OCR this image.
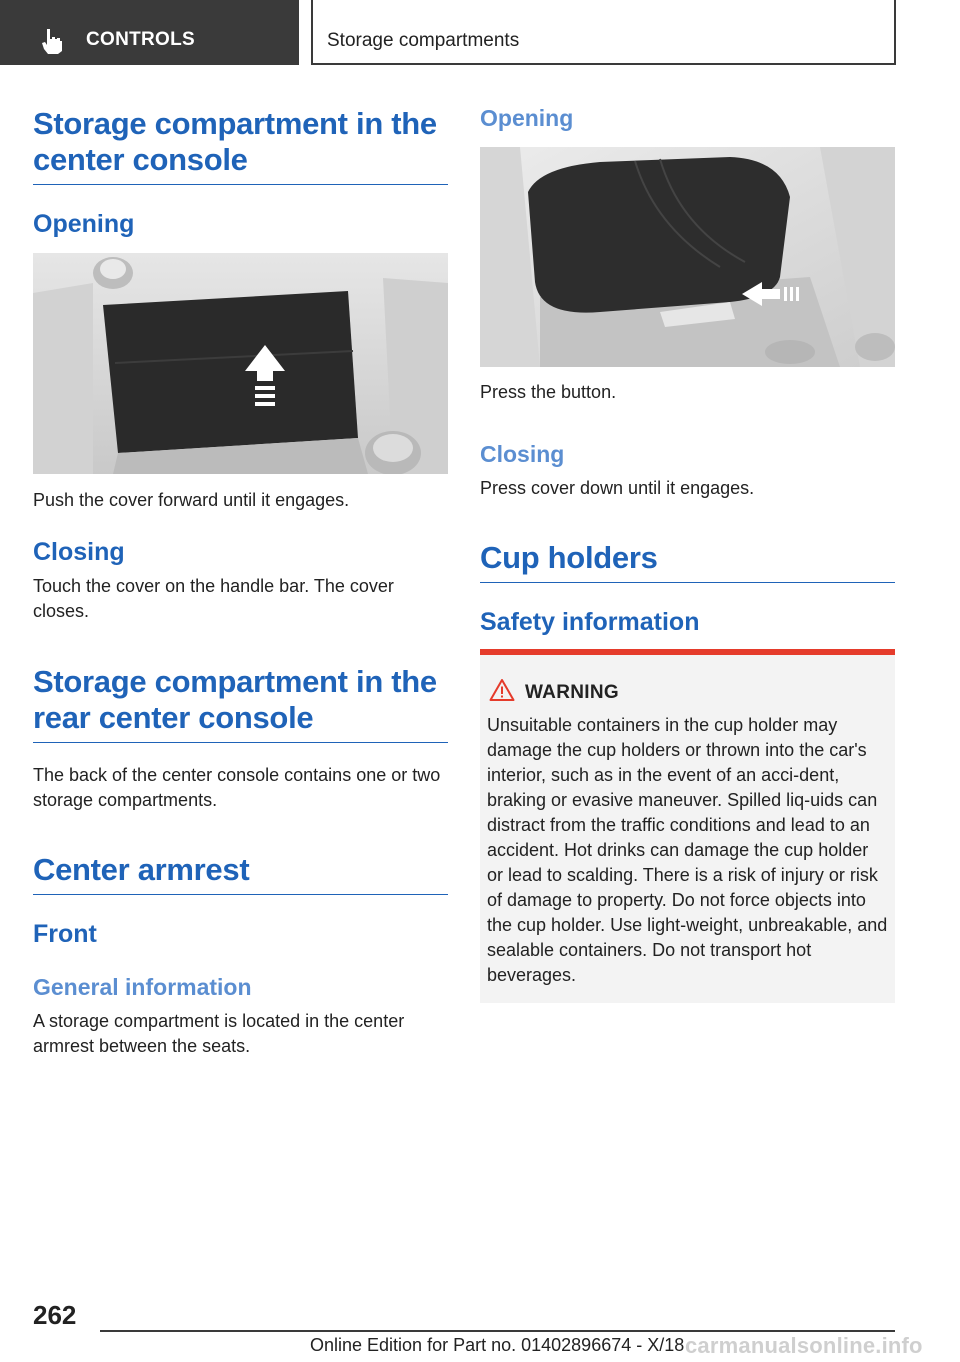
CONTROLS	Storage compartments
Storage compartment in the center console
Opening
Push the cover forward until it engages.
Closing
Touch the cover on the handle bar. The cover closes.
Storage compartment in the rear center console
The back of the center console contains one or two storage compartments.
Center armrest
Front
General information
A storage compartment is located in the center armrest between the seats.
Opening
Press the button.
Closing
Press cover down until it engages.
Cup holders
Safety information
WARNING
Unsuitable containers in the cup holder may damage the cup holders or thrown into the car's interior, such as in the event of an acci‐dent, braking or evasive maneuver. Spilled liq‐uids can distract from the traffic conditions and lead to an accident. Hot drinks can damage the cup holder or lead to scalding. There is a risk of injury or risk of damage to property. Do not force objects into the cup holder. Use light‐weight, unbreakable, and sealable containers. Do not transport hot beverages.
262
Online Edition for Part no. 01402896674 - X/18 carmanualsonline.info
